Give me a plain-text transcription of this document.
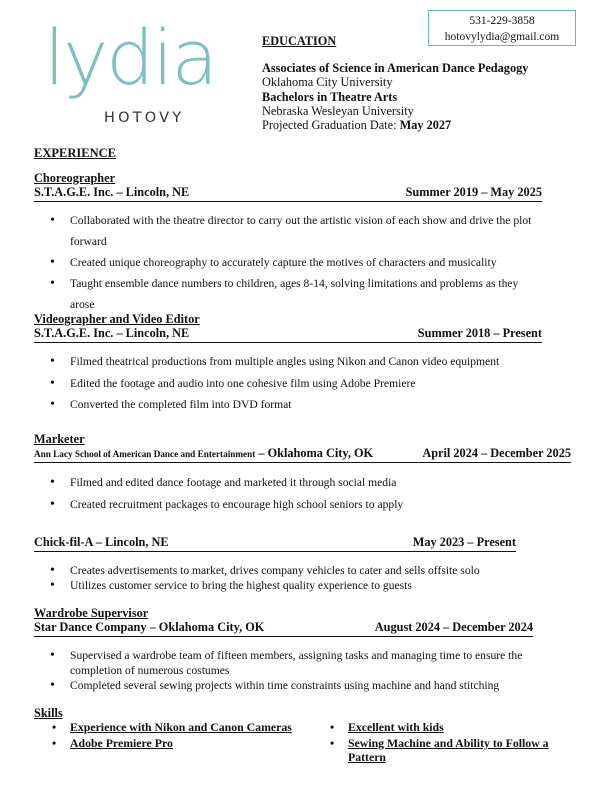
lydia
HOTOVY
531-229-3858
hotovylydia@gmail.com
EDUCATION
Associates of Science in American Dance Pedagogy
Oklahoma City University
Bachelors in Theatre Arts
Nebraska Wesleyan University
Projected Graduation Date: May 2027
EXPERIENCE
Choreographer
S.T.A.G.E. Inc. – Lincoln, NE	Summer 2019 – May 2025
• Collaborated with the theatre director to carry out the artistic vision of each show and drive the plot forward
• Created unique choreography to accurately capture the motives of characters and musicality
• Taught ensemble dance numbers to children, ages 8-14, solving limitations and problems as they arose
Videographer and Video Editor
S.T.A.G.E. Inc. – Lincoln, NE	Summer 2018 – Present
• Filmed theatrical productions from multiple angles using Nikon and Canon video equipment
• Edited the footage and audio into one cohesive film using Adobe Premiere
• Converted the completed film into DVD format
Marketer
Ann Lacy School of American Dance and Entertainment – Oklahoma City, OK	April 2024 – December 2025
• Filmed and edited dance footage and marketed it through social media
• Created recruitment packages to encourage high school seniors to apply
Chick-fil-A – Lincoln, NE	May 2023 – Present
• Creates advertisements to market, drives company vehicles to cater and sells offsite solo
• Utilizes customer service to bring the highest quality experience to guests
Wardrobe Supervisor
Star Dance Company – Oklahoma City, OK	August 2024 – December 2024
• Supervised a wardrobe team of fifteen members, assigning tasks and managing time to ensure the completion of numerous costumes
• Completed several sewing projects within time constraints using machine and hand stitching
Skills
• Experience with Nikon and Canon Cameras
• Adobe Premiere Pro
• Excellent with kids
• Sewing Machine and Ability to Follow a Pattern
